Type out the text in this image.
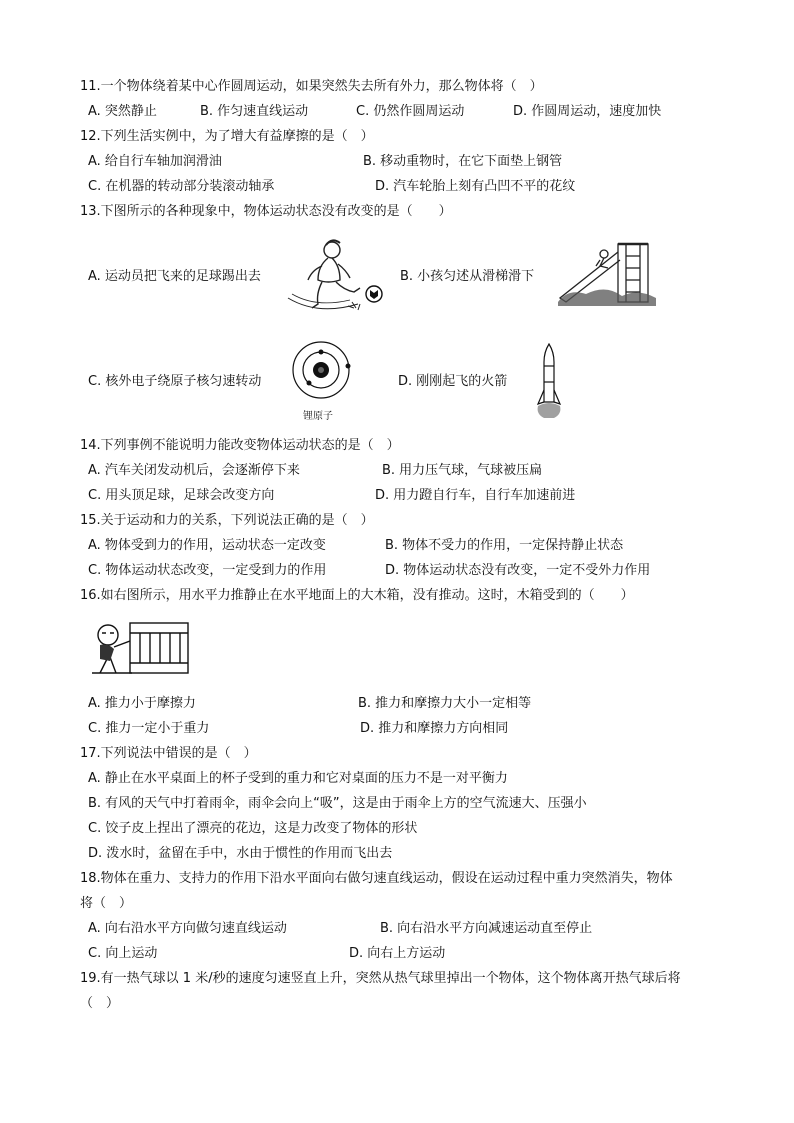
11.一个物体绕着某中心作圆周运动，如果突然失去所有外力，那么物体将（　）
A. 突然静止	B. 作匀速直线运动	C. 仍然作圆周运动	D. 作圆周运动，速度加快
12.下列生活实例中，为了增大有益摩擦的是（　）
A. 给自行车轴加润滑油	B. 移动重物时，在它下面垫上钢管
C. 在机器的转动部分装滚动轴承	D. 汽车轮胎上刻有凸凹不平的花纹
13.下图所示的各种现象中，物体运动状态没有改变的是（　　）
A. 运动员把飞来的足球踢出去	B. 小孩匀述从滑梯滑下
C. 核外电子绕原子核匀速转动	D. 刚刚起飞的火箭
锂原子
14.下列事例不能说明力能改变物体运动状态的是（　）
A. 汽车关闭发动机后，会逐渐停下来	B. 用力压气球，气球被压扁
C. 用头顶足球，足球会改变方向	D. 用力蹬自行车，自行车加速前进
15.关于运动和力的关系，下列说法正确的是（　）
A. 物体受到力的作用，运动状态一定改变	B. 物体不受力的作用，一定保持静止状态
C. 物体运动状态改变，一定受到力的作用	D. 物体运动状态没有改变，一定不受外力作用
16.如右图所示，用水平力推静止在水平地面上的大木箱，没有推动。这时，木箱受到的（　　）
A. 推力小于摩擦力	B. 推力和摩擦力大小一定相等
C. 推力一定小于重力	D. 推力和摩擦力方向相同
17.下列说法中错误的是（　）
A. 静止在水平桌面上的杯子受到的重力和它对桌面的压力不是一对平衡力
B. 有风的天气中打着雨伞，雨伞会向上“吸”，这是由于雨伞上方的空气流速大、压强小
C. 饺子皮上捏出了漂亮的花边，这是力改变了物体的形状
D. 泼水时，盆留在手中，水由于惯性的作用而飞出去
18.物体在重力、支持力的作用下沿水平面向右做匀速直线运动，假设在运动过程中重力突然消失，物体
将（　）
A. 向右沿水平方向做匀速直线运动	B. 向右沿水平方向减速运动直至停止
C. 向上运动	D. 向右上方运动
19.有一热气球以 1 米/秒的速度匀速竖直上升，突然从热气球里掉出一个物体，这个物体离开热气球后将
（　）
